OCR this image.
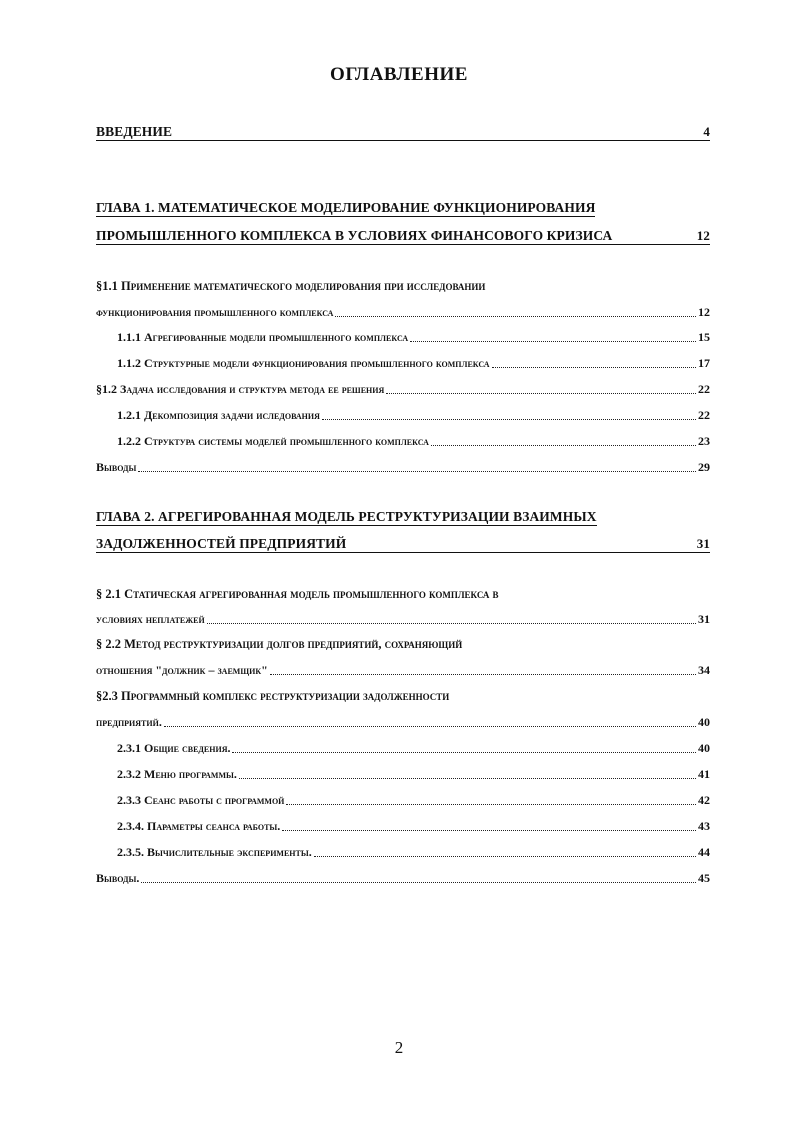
ОГЛАВЛЕНИЕ
ВВЕДЕНИЕ	4
ГЛАВА 1. МАТЕМАТИЧЕСКОЕ МОДЕЛИРОВАНИЕ ФУНКЦИОНИРОВАНИЯ
ПРОМЫШЛЕННОГО КОМПЛЕКСА В УСЛОВИЯХ ФИНАНСОВОГО КРИЗИСА	12
§1.1 Применение математического моделирования при исследовании
функционирования промышленного комплекса	12
1.1.1 Агрегированные модели промышленного комплекса	15
1.1.2 Структурные модели функционирования промышленного комплекса	17
§1.2 Задача исследования и структура метода ее решения	22
1.2.1 Декомпозиция задачи иследования	22
1.2.2 Структура системы моделей промышленного комплекса	23
Выводы	29
ГЛАВА 2. АГРЕГИРОВАННАЯ МОДЕЛЬ РЕСТРУКТУРИЗАЦИИ ВЗАИМНЫХ
ЗАДОЛЖЕННОСТЕЙ ПРЕДПРИЯТИЙ	31
§ 2.1 Статическая агрегированная модель промышленного комплекса в
условиях неплатежей	31
§ 2.2 Метод реструктуризации долгов предприятий, сохраняющий
отношения "должник – заемщик"	34
§2.3 Программный комплекс реструктуризации задолженности
предприятий.	40
2.3.1 Общие сведения.	40
2.3.2 Меню программы.	41
2.3.3 Сеанс работы с программой	42
2.3.4. Параметры сеанса работы.	43
2.3.5. Вычислительные эксперименты.	44
Выводы.	45
2
